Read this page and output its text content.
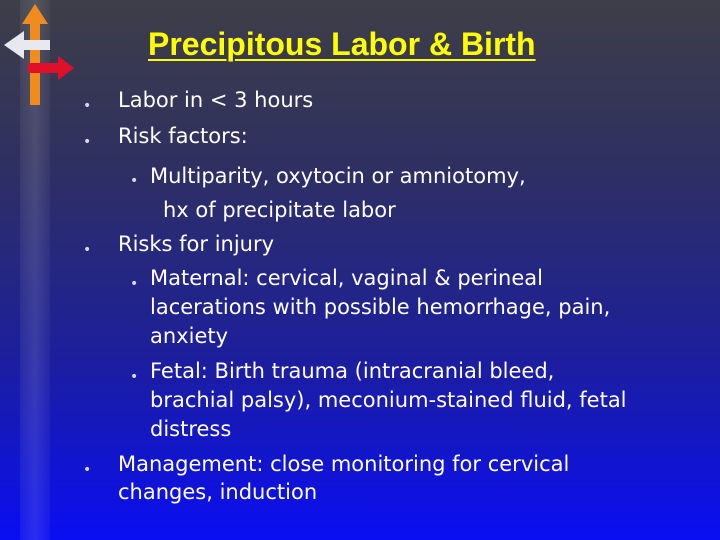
Precipitous Labor & Birth
• Labor in < 3 hours
• Risk factors:
• Multiparity, oxytocin or amniotomy,
hx of precipitate labor
• Risks for injury
• Maternal: cervical, vaginal & perineal
lacerations with possible hemorrhage, pain,
anxiety
• Fetal: Birth trauma (intracranial bleed,
brachial palsy), meconium-stained fluid, fetal
distress
• Management: close monitoring for cervical
changes, induction
